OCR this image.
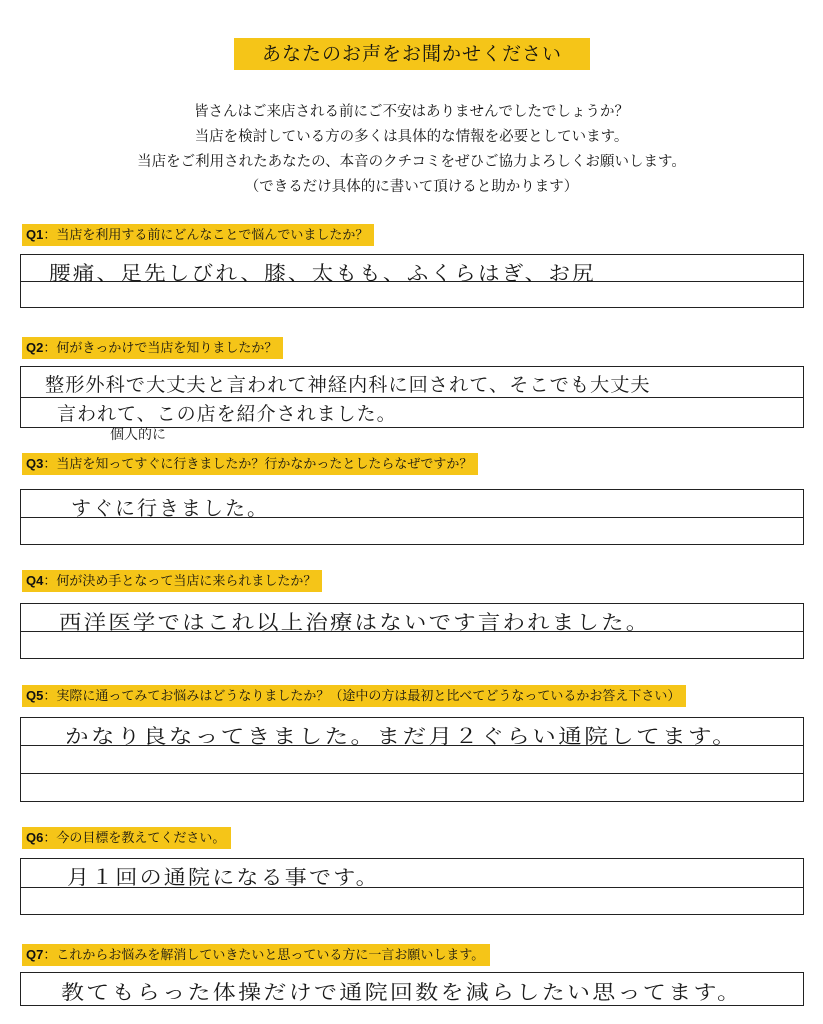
あなたのお声をお聞かせください
皆さんはご来店される前にご不安はありませんでしたでしょうか？
当店を検討している方の多くは具体的な情報を必要としています。
当店をご利用されたあなたの、本音のクチコミをぜひご協力よろしくお願いします。
（できるだけ具体的に書いて頂けると助かります）
Q1：当店を利用する前にどんなことで悩んでいましたか？
腰痛、足先しびれ、膝、太もも、ふくらはぎ、お尻
Q2：何がきっかけで当店を知りましたか？
整形外科で大丈夫と言われて神経内科に回されて、そこでも大丈夫
言われて、この店を紹介されました。
個人的に
Q3：当店を知ってすぐに行きましたか？行かなかったとしたらなぜですか？
すぐに行きました。
Q4：何が決め手となって当店に来られましたか？
西洋医学ではこれ以上治療はないです言われました。
Q5：実際に通ってみてお悩みはどうなりましたか？（途中の方は最初と比べてどうなっているかお答え下さい）
かなり良なってきました。まだ月２ぐらい通院してます。
Q6：今の目標を教えてください。
月１回の通院になる事です。
Q7：これからお悩みを解消していきたいと思っている方に一言お願いします。
教てもらった体操だけで通院回数を減らしたい思ってます。
